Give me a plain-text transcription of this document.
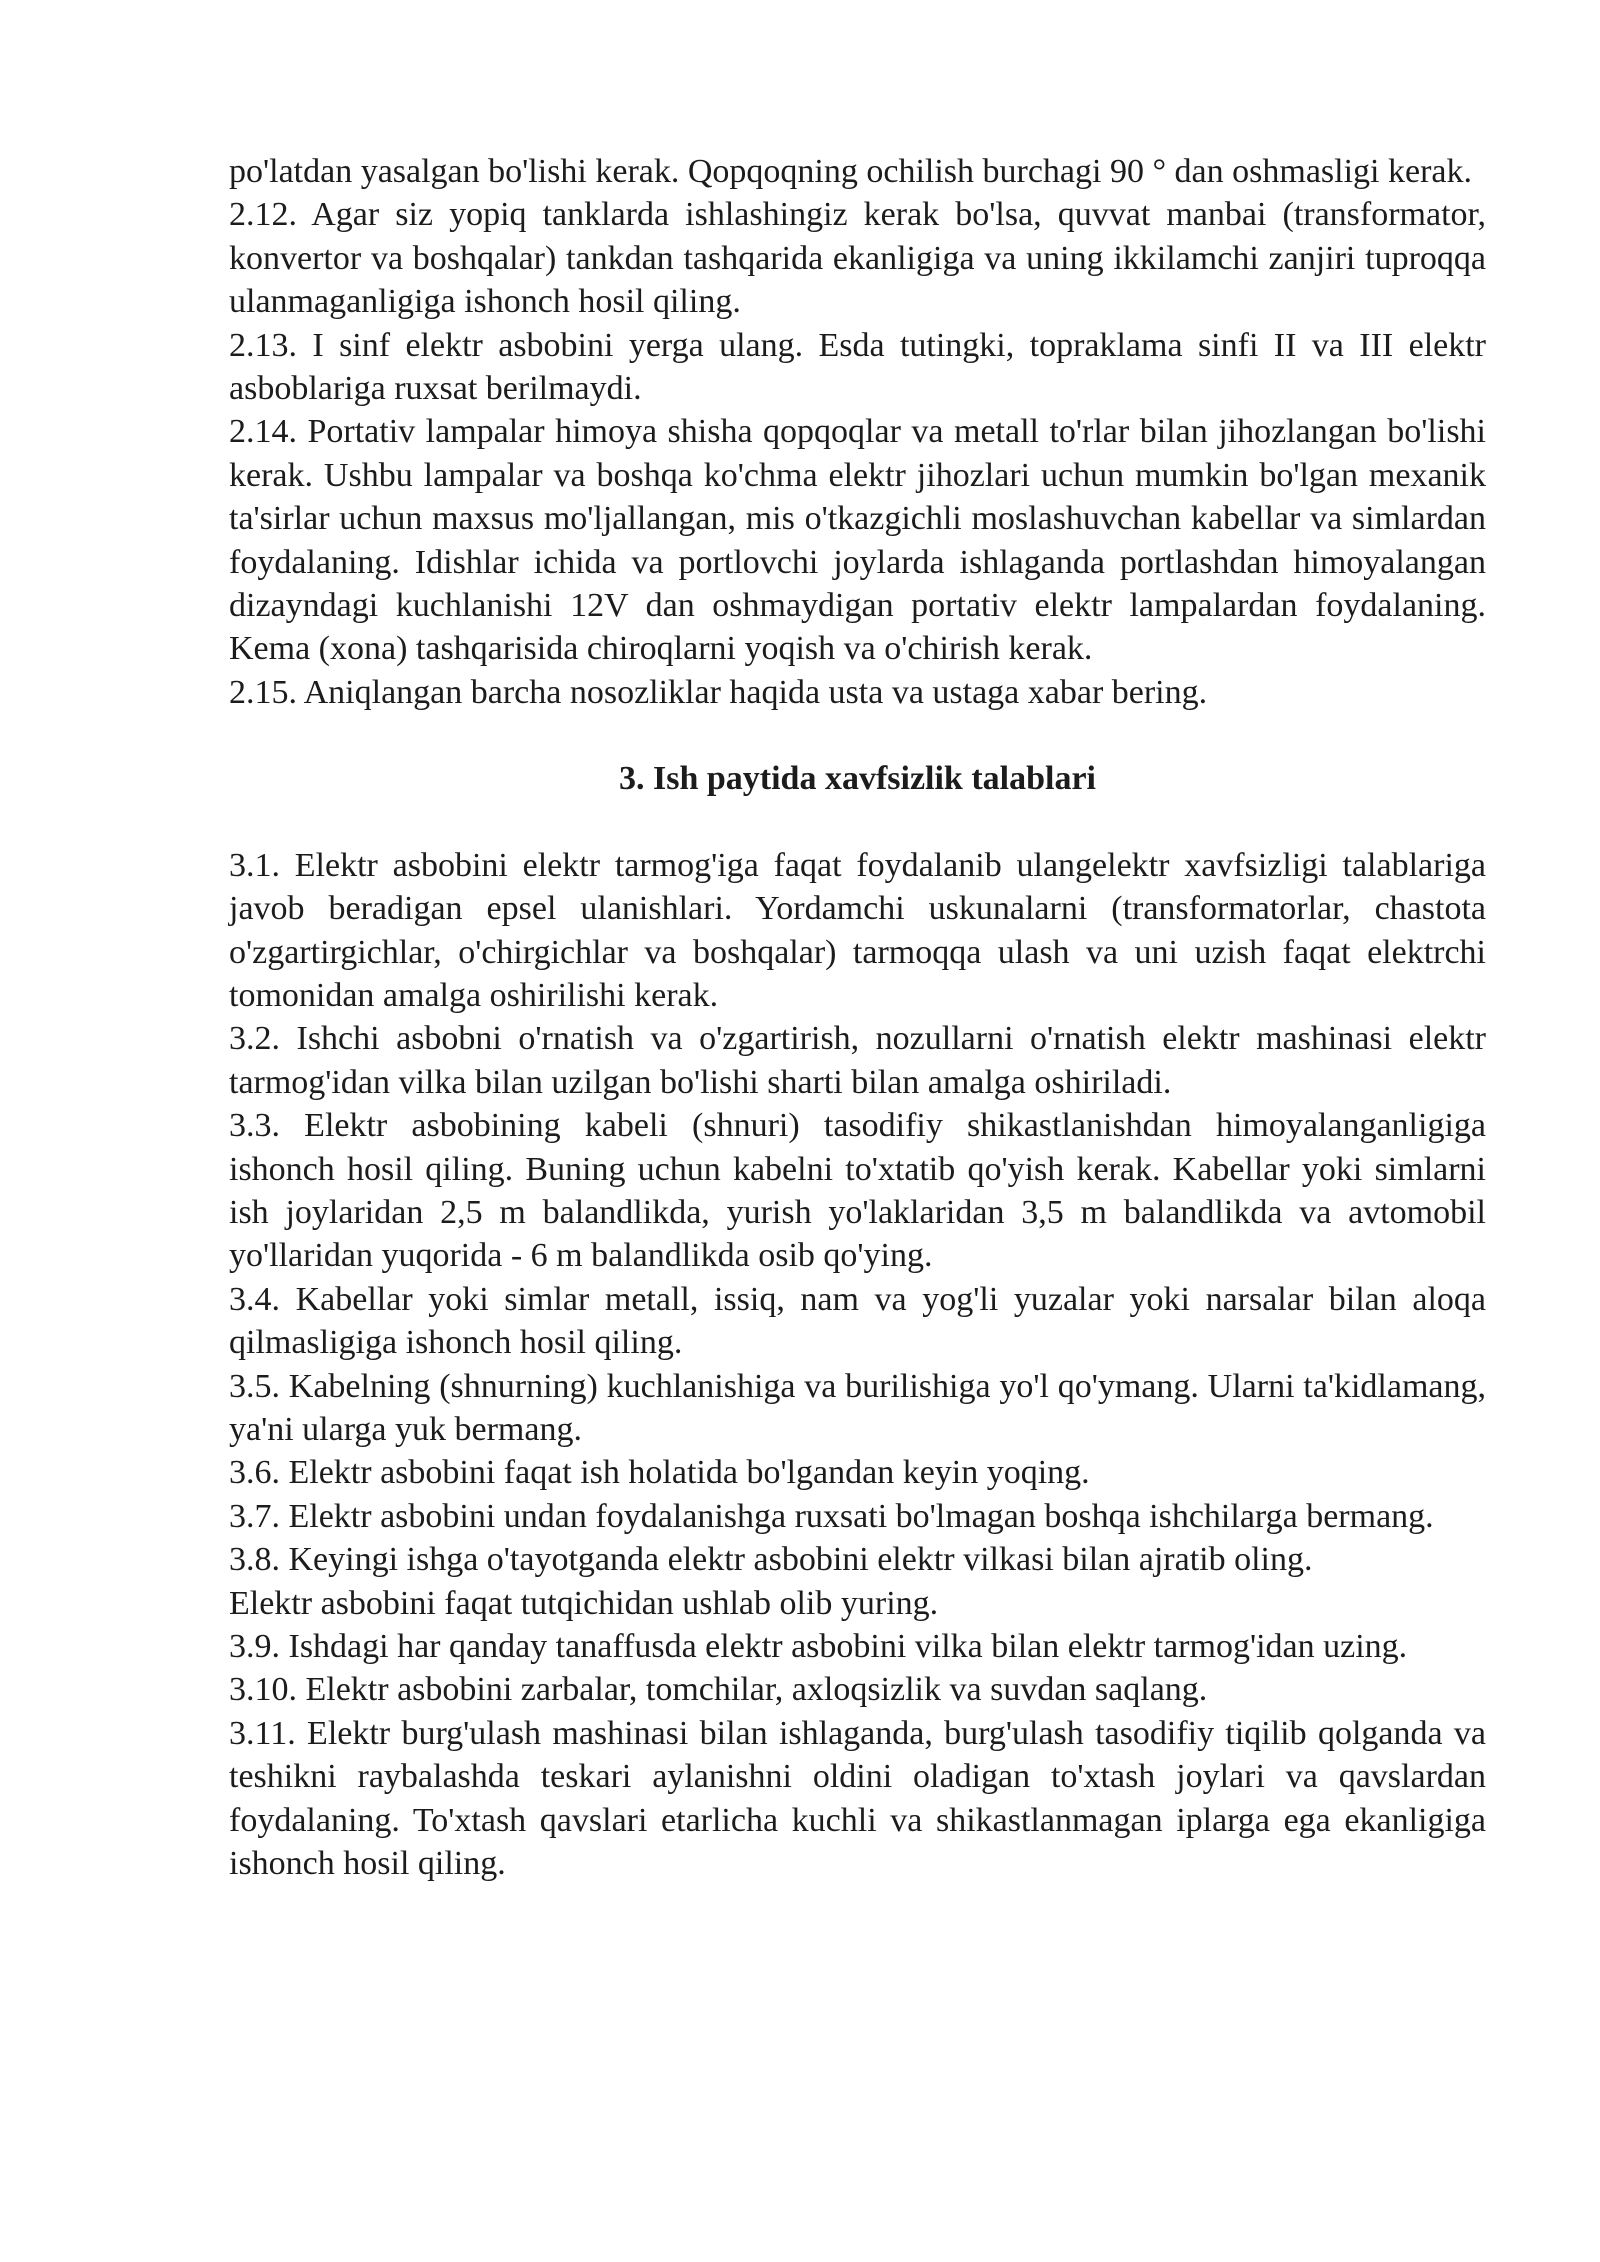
po'latdan yasalgan bo'lishi kerak. Qopqoqning ochilish burchagi 90 ° dan oshmasligi kerak.

2.12. Agar siz yopiq tanklarda ishlashingiz kerak bo'lsa, quvvat manbai (transformator, konvertor va boshqalar) tankdan tashqarida ekanligiga va uning ikkilamchi zanjiri tuproqqa ulanmaganligiga ishonch hosil qiling.

2.13. I sinf elektr asbobini yerga ulang. Esda tutingki, topraklama sinfi II va III elektr asboblariga ruxsat berilmaydi.

2.14. Portativ lampalar himoya shisha qopqoqlar va metall to'rlar bilan jihozlangan bo'lishi kerak. Ushbu lampalar va boshqa ko'chma elektr jihozlari uchun mumkin bo'lgan mexanik ta'sirlar uchun maxsus mo'ljallangan, mis o'tkazgichli moslashuvchan kabellar va simlardan foydalaning. Idishlar ichida va portlovchi joylarda ishlaganda portlashdan himoyalangan dizayndagi kuchlanishi 12V dan oshmaydigan portativ elektr lampalardan foydalaning. Kema (xona) tashqarisida chiroqlarni yoqish va o'chirish kerak.

2.15. Aniqlangan barcha nosozliklar haqida usta va ustaga xabar bering.

3. Ish paytida xavfsizlik talablari

3.1. Elektr asbobini elektr tarmog'iga faqat foydalanib ulangelektr xavfsizligi talablariga javob beradigan epsel ulanishlari. Yordamchi uskunalarni (transformatorlar, chastota o'zgartirgichlar, o'chirgichlar va boshqalar) tarmoqqa ulash va uni uzish faqat elektrchi tomonidan amalga oshirilishi kerak.

3.2. Ishchi asbobni o'rnatish va o'zgartirish, nozullarni o'rnatish elektr mashinasi elektr tarmog'idan vilka bilan uzilgan bo'lishi sharti bilan amalga oshiriladi.

3.3. Elektr asbobining kabeli (shnuri) tasodifiy shikastlanishdan himoyalanganligiga ishonch hosil qiling. Buning uchun kabelni to'xtatib qo'yish kerak. Kabellar yoki simlarni ish joylaridan 2,5 m balandlikda, yurish yo'laklaridan 3,5 m balandlikda va avtomobil yo'llaridan yuqorida - 6 m balandlikda osib qo'ying.

3.4. Kabellar yoki simlar metall, issiq, nam va yog'li yuzalar yoki narsalar bilan aloqa qilmasligiga ishonch hosil qiling.

3.5. Kabelning (shnurning) kuchlanishiga va burilishiga yo'l qo'ymang. Ularni ta'kidlamang, ya'ni ularga yuk bermang.

3.6. Elektr asbobini faqat ish holatida bo'lgandan keyin yoqing.

3.7. Elektr asbobini undan foydalanishga ruxsati bo'lmagan boshqa ishchilarga bermang.

3.8. Keyingi ishga o'tayotganda elektr asbobini elektr vilkasi bilan ajratib oling.

Elektr asbobini faqat tutqichidan ushlab olib yuring.

3.9. Ishdagi har qanday tanaffusda elektr asbobini vilka bilan elektr tarmog'idan uzing.

3.10. Elektr asbobini zarbalar, tomchilar, axloqsizlik va suvdan saqlang.

3.11. Elektr burg'ulash mashinasi bilan ishlaganda, burg'ulash tasodifiy tiqilib qolganda va teshikni raybalashda teskari aylanishni oldini oladigan to'xtash joylari va qavslardan foydalaning. To'xtash qavslari etarlicha kuchli va shikastlanmagan iplarga ega ekanligiga ishonch hosil qiling.
